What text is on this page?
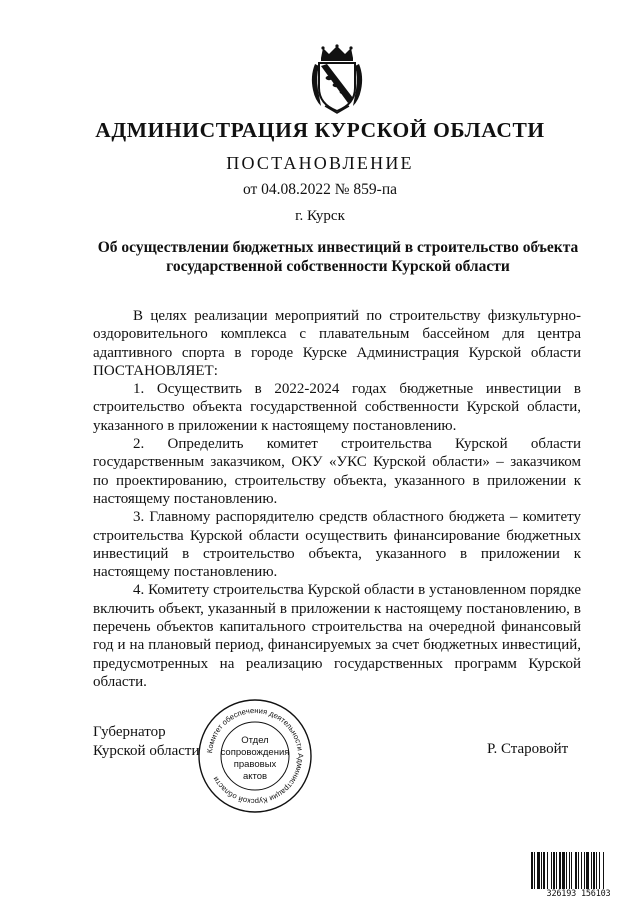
АДМИНИСТРАЦИЯ КУРСКОЙ ОБЛАСТИ
ПОСТАНОВЛЕНИЕ
от 04.08.2022 № 859-па
г. Курск
Об осуществлении бюджетных инвестиций в строительство объекта государственной собственности Курской области

В целях реализации мероприятий по строительству физкультурно-оздоровительного комплекса с плавательным бассейном для центра адаптивного спорта в городе Курске Администрация Курской области ПОСТАНОВЛЯЕТ:

1. Осуществить в 2022-2024 годах бюджетные инвестиции в строительство объекта государственной собственности Курской области, указанного в приложении к настоящему постановлению.

2. Определить комитет строительства Курской области государственным заказчиком, ОКУ «УКС Курской области» – заказчиком по проектированию, строительству объекта, указанного в приложении к настоящему постановлению.

3. Главному распорядителю средств областного бюджета – комитету строительства Курской области осуществить финансирование бюджетных инвестиций в строительство объекта, указанного в приложении к настоящему постановлению.

4. Комитету строительства Курской области в установленном порядке включить объект, указанный в приложении к настоящему постановлению, в перечень объектов капитального строительства на очередной финансовый год и на плановый период, финансируемых за счет бюджетных инвестиций, предусмотренных на реализацию государственных программ Курской области.

Губернатор
Курской области Комитет обеспечения деятельности Администрации Курской области
Отдел
сопровождения
правовых
актов
Р. Старовойт
326193 156103
